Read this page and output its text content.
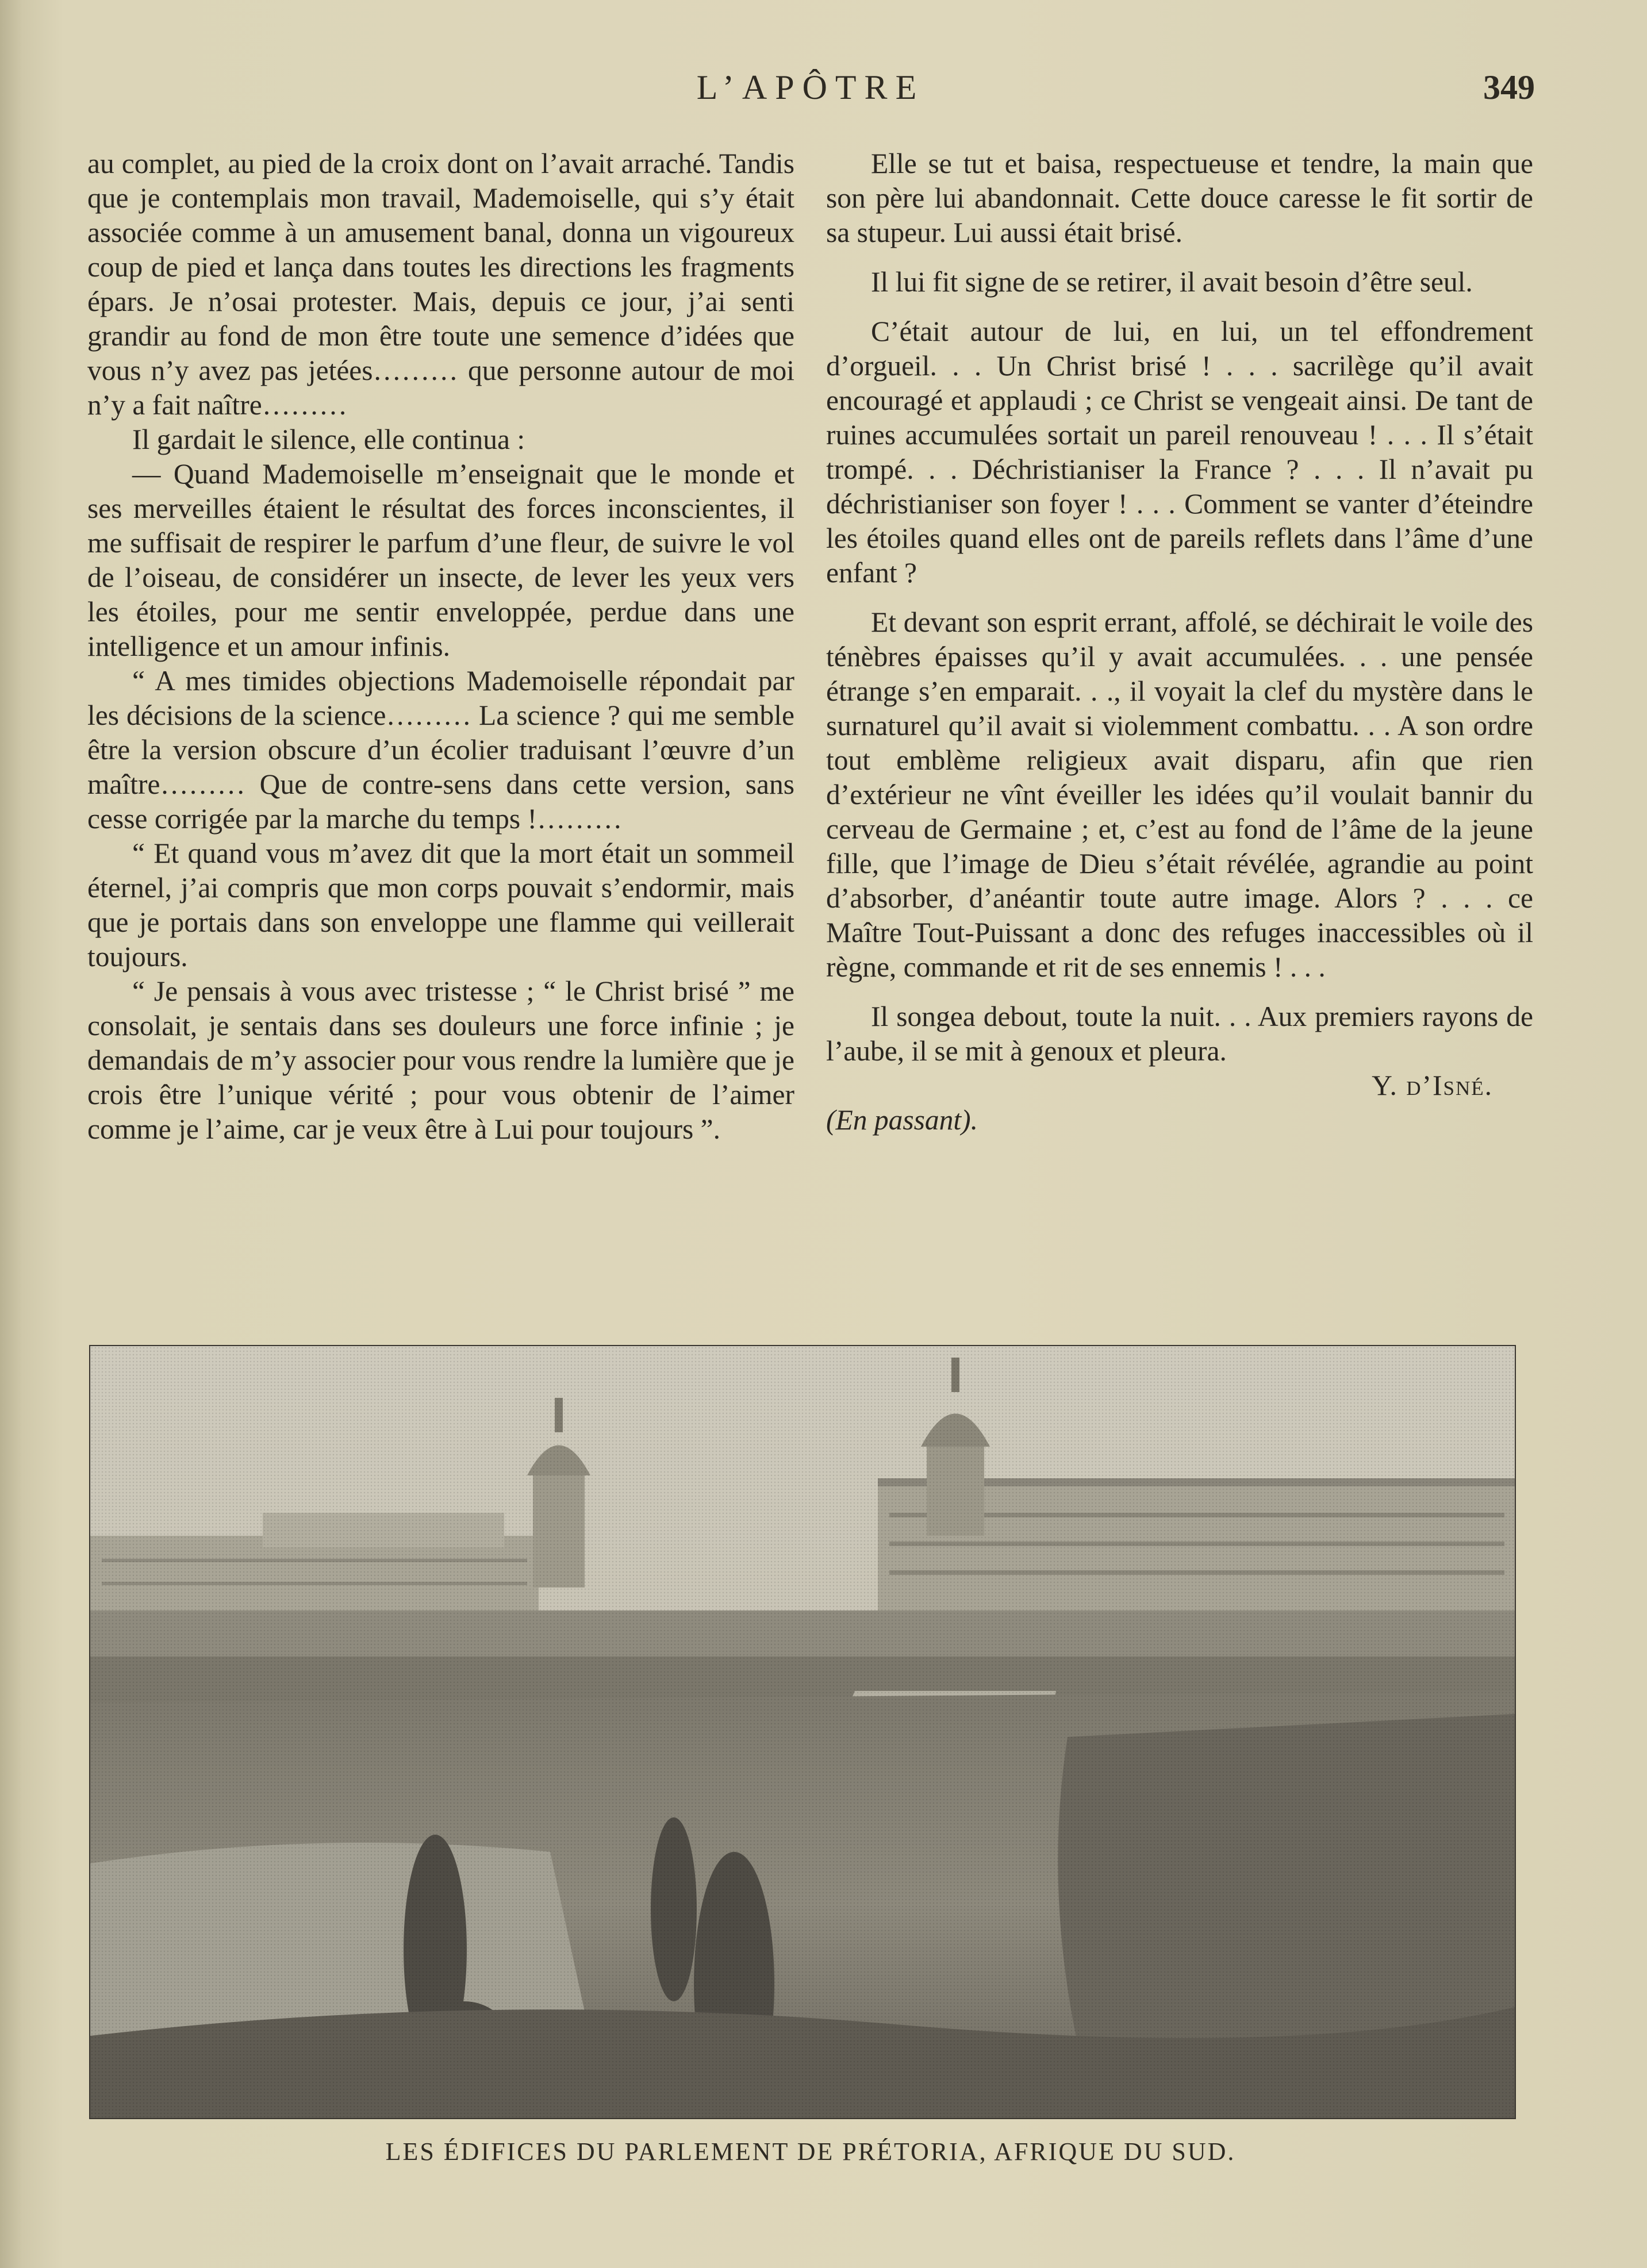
L’APÔTRE	349

au complet, au pied de la croix dont on l’avait arraché. Tandis que je contemplais mon travail, Mademoiselle, qui s’y était associée comme à un amusement banal, donna un vigoureux coup de pied et lança dans toutes les directions les fragments épars. Je n’osai protester. Mais, depuis ce jour, j’ai senti grandir au fond de mon être toute une semence d’idées que vous n’y avez pas jetées……… que personne autour de moi n’y a fait naître………

Il gardait le silence, elle continua :

— Quand Mademoiselle m’enseignait que le monde et ses merveilles étaient le résultat des forces inconscientes, il me suffisait de respirer le parfum d’une fleur, de suivre le vol de l’oiseau, de considérer un insecte, de lever les yeux vers les étoiles, pour me sentir enveloppée, perdue dans une intelligence et un amour infinis.

“ A mes timides objections Mademoiselle répondait par les décisions de la science……… La science ? qui me semble être la version obscure d’un écolier traduisant l’œuvre d’un maître……… Que de contre-sens dans cette version, sans cesse corrigée par la marche du temps !………

“ Et quand vous m’avez dit que la mort était un sommeil éternel, j’ai compris que mon corps pouvait s’endormir, mais que je portais dans son enveloppe une flamme qui veillerait toujours.

“ Je pensais à vous avec tristesse ; “ le Christ brisé ” me consolait, je sentais dans ses douleurs une force infinie ; je demandais de m’y associer pour vous rendre la lumière que je crois être l’unique vérité ; pour vous obtenir de l’aimer comme je l’aime, car je veux être à Lui pour toujours ”.

Elle se tut et baisa, respectueuse et tendre, la main que son père lui abandonnait. Cette douce caresse le fit sortir de sa stupeur. Lui aussi était brisé.

Il lui fit signe de se retirer, il avait besoin d’être seul.

C’était autour de lui, en lui, un tel effondrement d’orgueil. . . Un Christ brisé ! . . . sacrilège qu’il avait encouragé et applaudi ; ce Christ se vengeait ainsi. De tant de ruines accumulées sortait un pareil renouveau ! . . . Il s’était trompé. . . Déchristianiser la France ? . . . Il n’avait pu déchristianiser son foyer ! . . . Comment se vanter d’éteindre les étoiles quand elles ont de pareils reflets dans l’âme d’une enfant ?

Et devant son esprit errant, affolé, se déchirait le voile des ténèbres épaisses qu’il y avait accumulées. . . une pensée étrange s’en emparait. . ., il voyait la clef du mystère dans le surnaturel qu’il avait si violemment combattu. . . A son ordre tout emblème religieux avait disparu, afin que rien d’extérieur ne vînt éveiller les idées qu’il voulait bannir du cerveau de Germaine ; et, c’est au fond de l’âme de la jeune fille, que l’image de Dieu s’était révélée, agrandie au point d’absorber, d’anéantir toute autre image. Alors ? . . . ce Maître Tout-Puissant a donc des refuges inaccessibles où il règne, commande et rit de ses ennemis ! . . .

Il songea debout, toute la nuit. . . Aux premiers rayons de l’aube, il se mit à genoux et pleura.

Y. d’Isné.

(En passant).

LES ÉDIFICES DU PARLEMENT DE PRÉTORIA, AFRIQUE DU SUD.
